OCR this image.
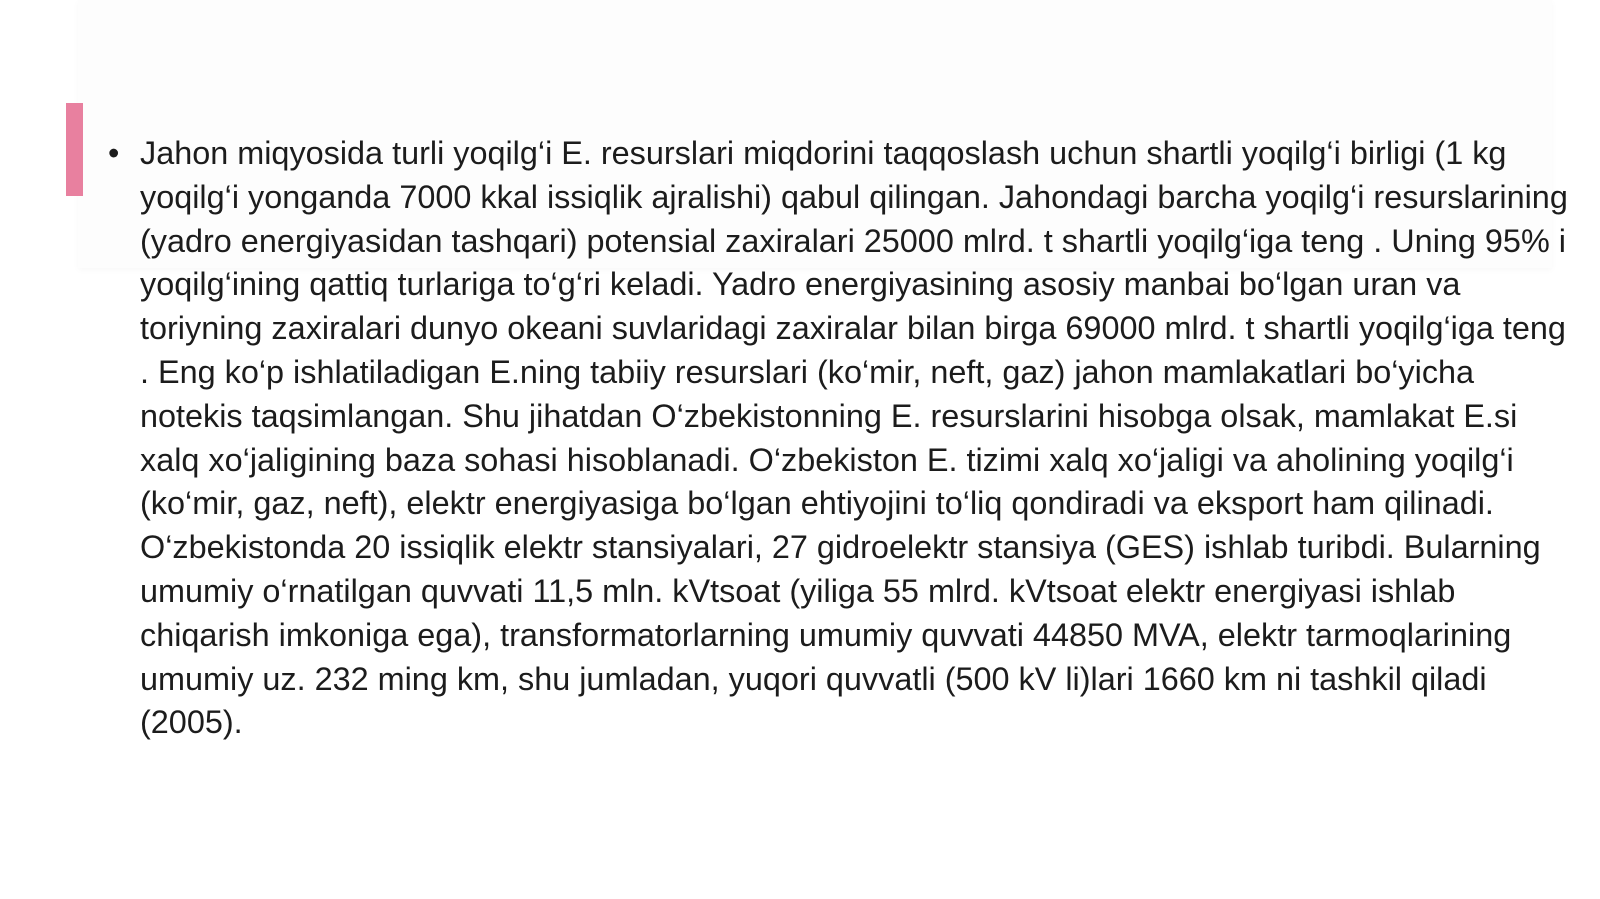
• Jahon miqyosida turli yoqilg‘i E. resurslari miqdorini taqqoslash uchun shartli yoqilg‘i birligi (1 kg yoqilg‘i yonganda 7000 kkal issiqlik ajralishi) qabul qilingan. Jahondagi barcha yoqilg‘i resurslarining (yadro energiyasidan tashqari) potensial zaxiralari 25000 mlrd. t shartli yoqilg‘iga teng . Uning 95% i yoqilg‘ining qattiq turlariga to‘g‘ri keladi. Yadro energiyasining asosiy manbai bo‘lgan uran va toriyning zaxiralari dunyo okeani suvlaridagi zaxiralar bilan birga 69000 mlrd. t shartli yoqilg‘iga teng . Eng ko‘p ishlatiladigan E.ning tabiiy resurslari (ko‘mir, neft, gaz) jahon mamlakatlari bo‘yicha notekis taqsimlangan. Shu jihatdan O‘zbekistonning E. resurslarini hisobga olsak, mamlakat E.si xalq xo‘jaligining baza sohasi hisoblanadi. O‘zbekiston E. tizimi xalq xo‘jaligi va aholining yoqilg‘i (ko‘mir, gaz, neft), elektr energiyasiga bo‘lgan ehtiyojini to‘liq qondiradi va eksport ham qilinadi. O‘zbekistonda 20 issiqlik elektr stansiyalari, 27 gidroelektr stansiya (GES) ishlab turibdi. Bularning umumiy o‘rnatilgan quvvati 11,5 mln. kVtsoat (yiliga 55 mlrd. kVtsoat elektr energiyasi ishlab chiqarish imkoniga ega), transformatorlarning umumiy quvvati 44850 MVA, elektr tarmoqlarining umumiy uz. 232 ming km, shu jumladan, yuqori quvvatli (500 kV li)lari 1660 km ni tashkil qiladi (2005).
